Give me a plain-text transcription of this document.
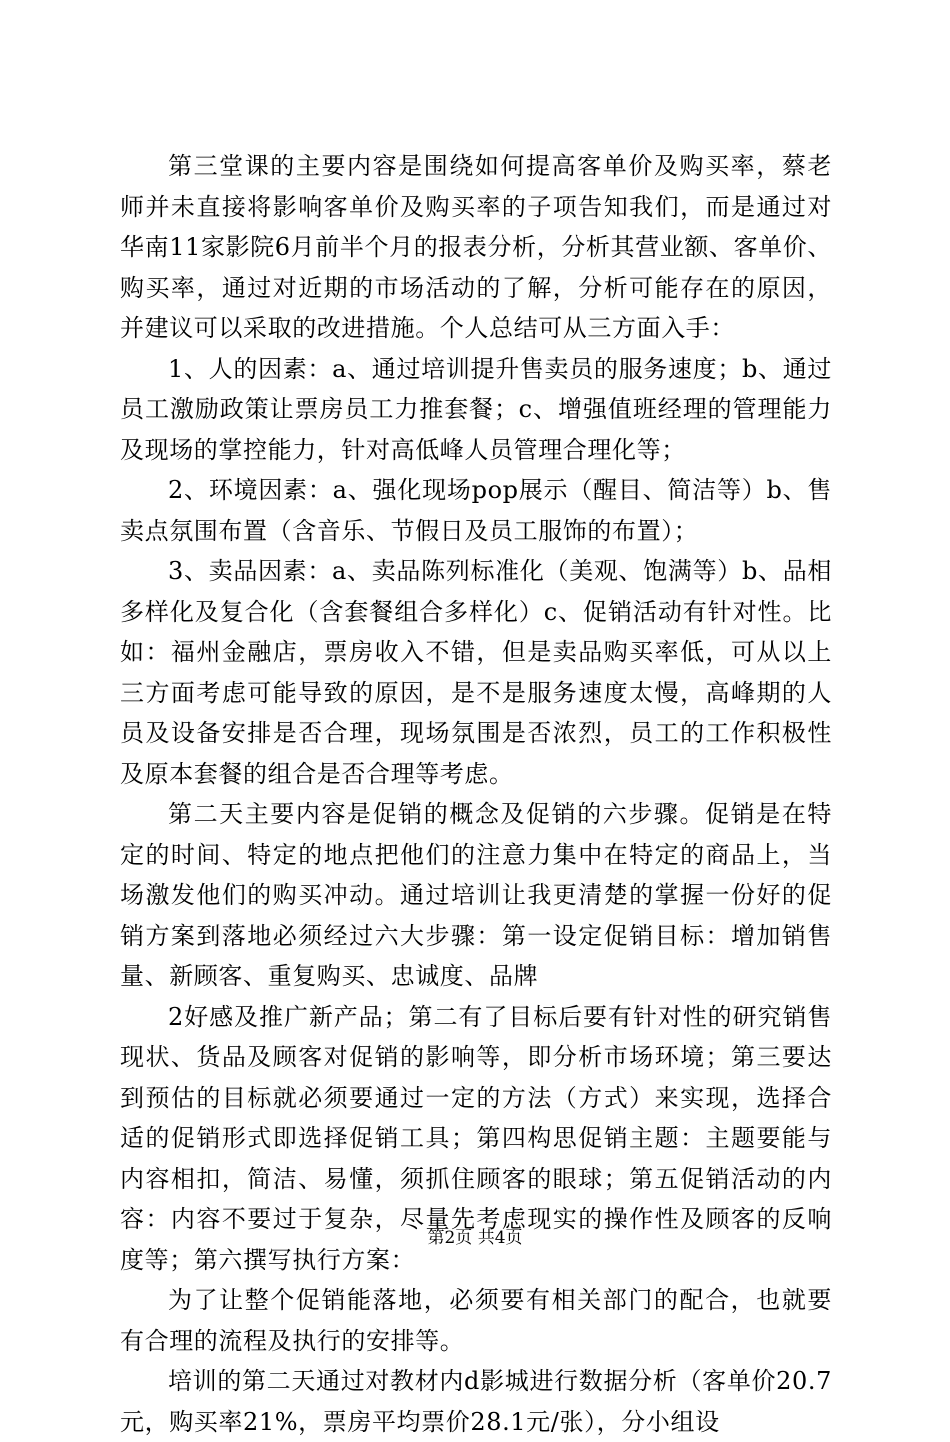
第三堂课的主要内容是围绕如何提高客单价及购买率，蔡老师并未直接将影响客单价及购买率的子项告知我们，而是通过对华南11家影院6月前半个月的报表分析，分析其营业额、客单价、购买率，通过对近期的市场活动的了解，分析可能存在的原因，并建议可以采取的改进措施。个人总结可从三方面入手：

1、人的因素：a、通过培训提升售卖员的服务速度；b、通过员工激励政策让票房员工力推套餐；c、增强值班经理的管理能力及现场的掌控能力，针对高低峰人员管理合理化等；

2、环境因素：a、强化现场pop展示（醒目、简洁等）b、售卖点氛围布置（含音乐、节假日及员工服饰的布置）；

3、卖品因素：a、卖品陈列标准化（美观、饱满等）b、品相多样化及复合化（含套餐组合多样化）c、促销活动有针对性。比如：福州金融店，票房收入不错，但是卖品购买率低，可从以上三方面考虑可能导致的原因，是不是服务速度太慢，高峰期的人员及设备安排是否合理，现场氛围是否浓烈，员工的工作积极性及原本套餐的组合是否合理等考虑。

第二天主要内容是促销的概念及促销的六步骤。促销是在特定的时间、特定的地点把他们的注意力集中在特定的商品上，当场激发他们的购买冲动。通过培训让我更清楚的掌握一份好的促销方案到落地必须经过六大步骤：第一设定促销目标：增加销售量、新顾客、重复购买、忠诚度、品牌

2好感及推广新产品；第二有了目标后要有针对性的研究销售现状、货品及顾客对促销的影响等，即分析市场环境；第三要达到预估的目标就必须要通过一定的方法（方式）来实现，选择合适的促销形式即选择促销工具；第四构思促销主题：主题要能与内容相扣，简洁、易懂，须抓住顾客的眼球；第五促销活动的内容：内容不要过于复杂，尽量先考虑现实的操作性及顾客的反响度等；第六撰写执行方案：

为了让整个促销能落地，必须要有相关部门的配合，也就要有合理的流程及执行的安排等。

培训的第二天通过对教材内d影城进行数据分析（客单价20.7元，购买率21%，票房平均票价28.1元/张），分小组设

第2页 共4页
